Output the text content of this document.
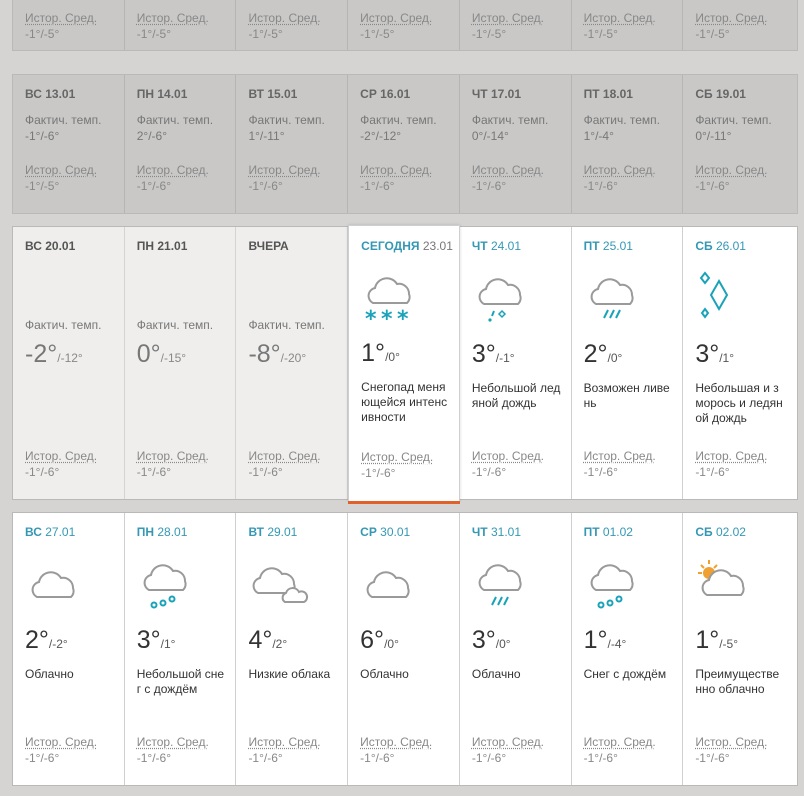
Истор. Сред.
-1°/-5°
Истор. Сред.
-1°/-5°
Истор. Сред.
-1°/-5°
Истор. Сред.
-1°/-5°
Истор. Сред.
-1°/-5°
Истор. Сред.
-1°/-5°
Истор. Сред.
-1°/-5°
ВС 13.01
Фактич. темп.
-1°/-6°
Истор. Сред.
-1°/-5°
ПН 14.01
Фактич. темп.
2°/-6°
Истор. Сред.
-1°/-6°
ВТ 15.01
Фактич. темп.
1°/-11°
Истор. Сред.
-1°/-6°
СР 16.01
Фактич. темп.
-2°/-12°
Истор. Сред.
-1°/-6°
ЧТ 17.01
Фактич. темп.
0°/-14°
Истор. Сред.
-1°/-6°
ПТ 18.01
Фактич. темп.
1°/-4°
Истор. Сред.
-1°/-6°
СБ 19.01
Фактич. темп.
0°/-11°
Истор. Сред.
-1°/-6°
ВС 20.01
Фактич. темп.
-2°/-12°
Истор. Сред.
-1°/-6°
ПН 21.01
Фактич. темп.
0°/-15°
Истор. Сред.
-1°/-6°
ВЧЕРА
Фактич. темп.
-8°/-20°
Истор. Сред.
-1°/-6°
СЕГОДНЯ 23.01
* * *
1°/0°
Снегопад меняющейся интенсивности
Истор. Сред.
-1°/-6°
ЧТ 24.01
3°/-1°
Небольшой ледяной дождь
Истор. Сред.
-1°/-6°
ПТ 25.01
2°/0°
Возможен ливень
Истор. Сред.
-1°/-6°
СБ 26.01
3°/1°
Небольшая и зморось и ледяной дождь
Истор. Сред.
-1°/-6°
ВС 27.01
2°/-2°
Облачно
Истор. Сред.
-1°/-6°
ПН 28.01
3°/1°
Небольшой снег с дождём
Истор. Сред.
-1°/-6°
ВТ 29.01
4°/2°
Низкие облака
Истор. Сред.
-1°/-6°
СР 30.01
6°/0°
Облачно
Истор. Сред.
-1°/-6°
ЧТ 31.01
3°/0°
Облачно
Истор. Сред.
-1°/-6°
ПТ 01.02
1°/-4°
Снег с дождём
Истор. Сред.
-1°/-6°
СБ 02.02
1°/-5°
Преимущественно облачно
Истор. Сред.
-1°/-6°
